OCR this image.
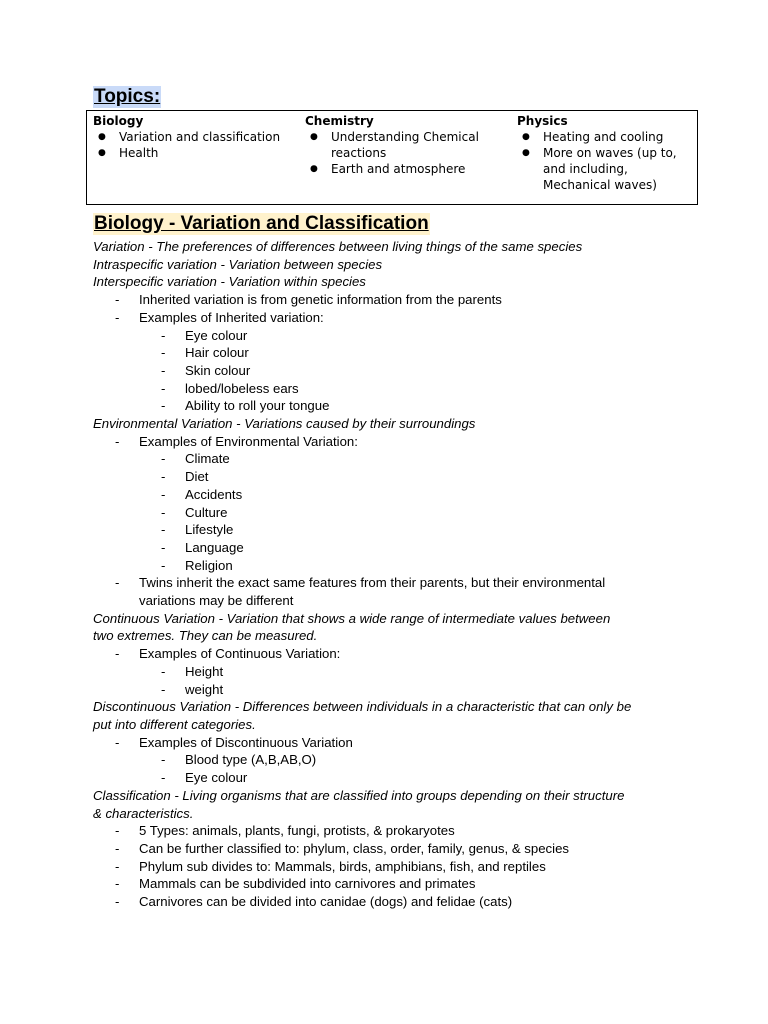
Topics:
Biology
● Variation and classification
● Health
Chemistry
● Understanding Chemical
reactions
● Earth and atmosphere
Physics
● Heating and cooling
● More on waves (up to,
and including,
Mechanical waves)
Biology - Variation and Classification
Variation - The preferences of differences between living things of the same species
Intraspecific variation - Variation between species
Interspecific variation - Variation within species
- Inherited variation is from genetic information from the parents
- Examples of Inherited variation:
- Eye colour
- Hair colour
- Skin colour
- lobed/lobeless ears
- Ability to roll your tongue
Environmental Variation - Variations caused by their surroundings
- Examples of Environmental Variation:
- Climate
- Diet
- Accidents
- Culture
- Lifestyle
- Language
- Religion
- Twins inherit the exact same features from their parents, but their environmental
variations may be different
Continuous Variation - Variation that shows a wide range of intermediate values between
two extremes. They can be measured.
- Examples of Continuous Variation:
- Height
- weight
Discontinuous Variation - Differences between individuals in a characteristic that can only be
put into different categories.
- Examples of Discontinuous Variation
- Blood type (A,B,AB,O)
- Eye colour
Classification - Living organisms that are classified into groups depending on their structure
& characteristics.
- 5 Types: animals, plants, fungi, protists, & prokaryotes
- Can be further classified to: phylum, class, order, family, genus, & species
- Phylum sub divides to: Mammals, birds, amphibians, fish, and reptiles
- Mammals can be subdivided into carnivores and primates
- Carnivores can be divided into canidae (dogs) and felidae (cats)
